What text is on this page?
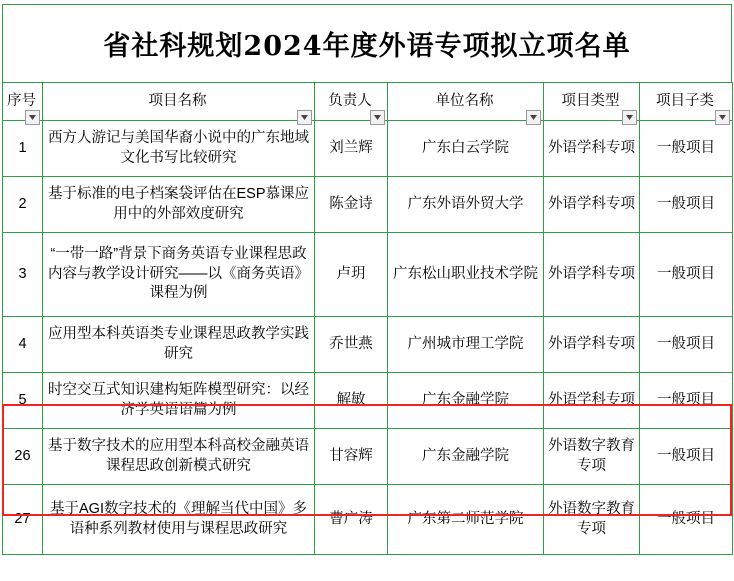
省社科规划2024年度外语专项拟立项名单
序号	项目名称	负责人	单位名称	项目类型	项目子类

1	西方人游记与美国华裔小说中的广东地域文化书写比较研究	刘兰辉	广东白云学院	外语学科专项	一般项目
2	基于标准的电子档案袋评估在ESP慕课应用中的外部效度研究	陈金诗	广东外语外贸大学	外语学科专项	一般项目
3	“一带一路”背景下商务英语专业课程思政内容与教学设计研究——以《商务英语》课程为例	卢玥	广东松山职业技术学院	外语学科专项	一般项目
4	应用型本科英语类专业课程思政教学实践研究	乔世燕	广州城市理工学院	外语学科专项	一般项目
5	时空交互式知识建构矩阵模型研究：以经济学英语语篇为例	解敏	广东金融学院	外语学科专项	一般项目
26	基于数字技术的应用型本科高校金融英语课程思政创新模式研究	甘容辉	广东金融学院	外语数字教育专项	一般项目
27	基于AGI数字技术的《理解当代中国》多语种系列教材使用与课程思政研究	曹广涛	广东第二师范学院	外语数字教育专项	一般项目
